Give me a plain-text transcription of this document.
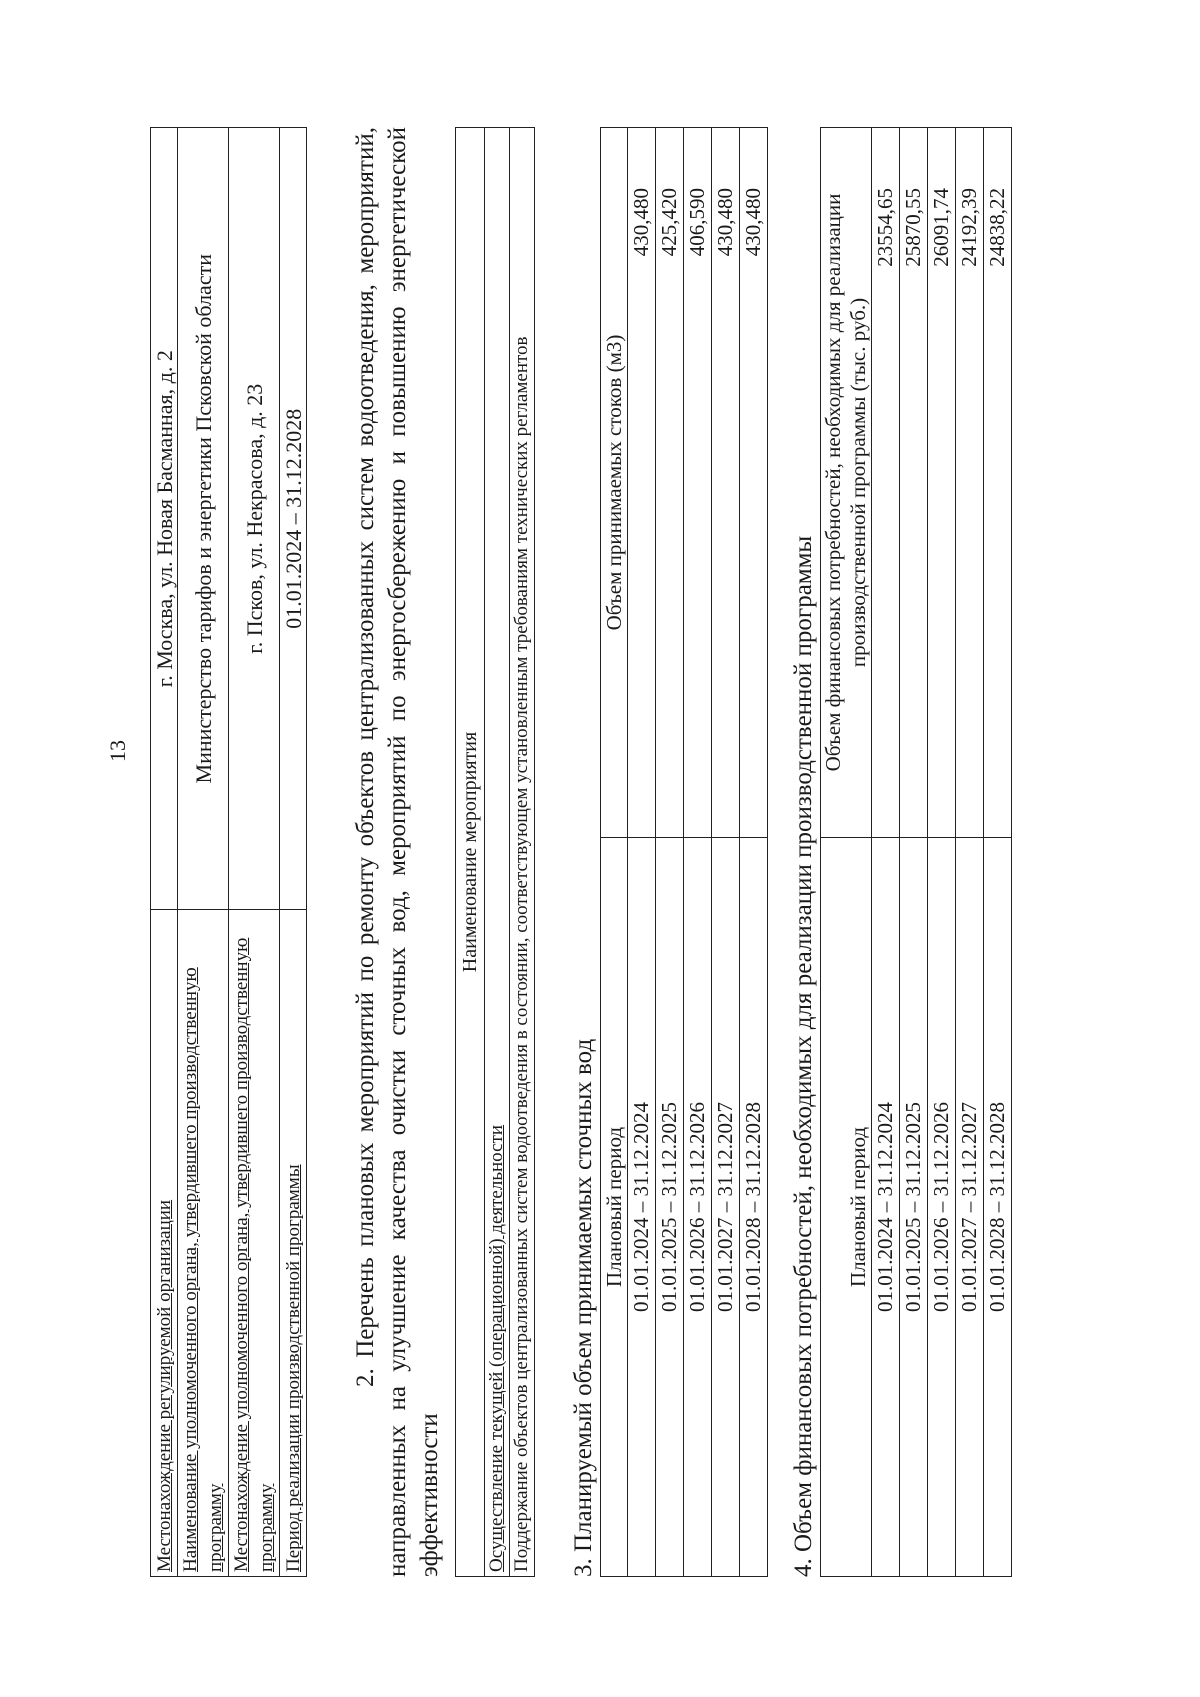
13
Местонахождение регулируемой организации	г. Москва, ул. Новая Басманная, д. 2
Наименование уполномоченного органа, утвердившего производственную программу	Министерство тарифов и энергетики Псковской области
Местонахождение уполномоченного органа, утвердившего производственную программу	г. Псков, ул. Некрасова, д. 23
Период реализации производственной программы	01.01.2024 – 31.12.2028 2. Перечень плановых мероприятий по ремонту объектов централизованных систем водоотведения, мероприятий, направленных на улучшение качества очистки сточных вод, мероприятий по энергосбережению и повышению энергетической эффективности
Наименование мероприятия
Осуществление текущей (операционной) деятельности
Поддержание объектов централизованных систем водоотведения в состоянии, соответствующем установленным требованиям технических регламентов 3. Планируемый объем принимаемых сточных вод Плановый период	Объем принимаемых стоков (м3)
01.01.2024 – 31.12.2024	430,480
01.01.2025 – 31.12.2025	425,420
01.01.2026 – 31.12.2026	406,590
01.01.2027 – 31.12.2027	430,480
01.01.2028 – 31.12.2028	430,480
4. Объем финансовых потребностей, необходимых для реализации производственной программы Плановый период	Объем финансовых потребностей, необходимых для реализации производственной программы (тыс. руб.)
01.01.2024 – 31.12.2024	23554,65
01.01.2025 – 31.12.2025	25870,55
01.01.2026 – 31.12.2026	26091,74
01.01.2027 – 31.12.2027	24192,39
01.01.2028 – 31.12.2028	24838,22
